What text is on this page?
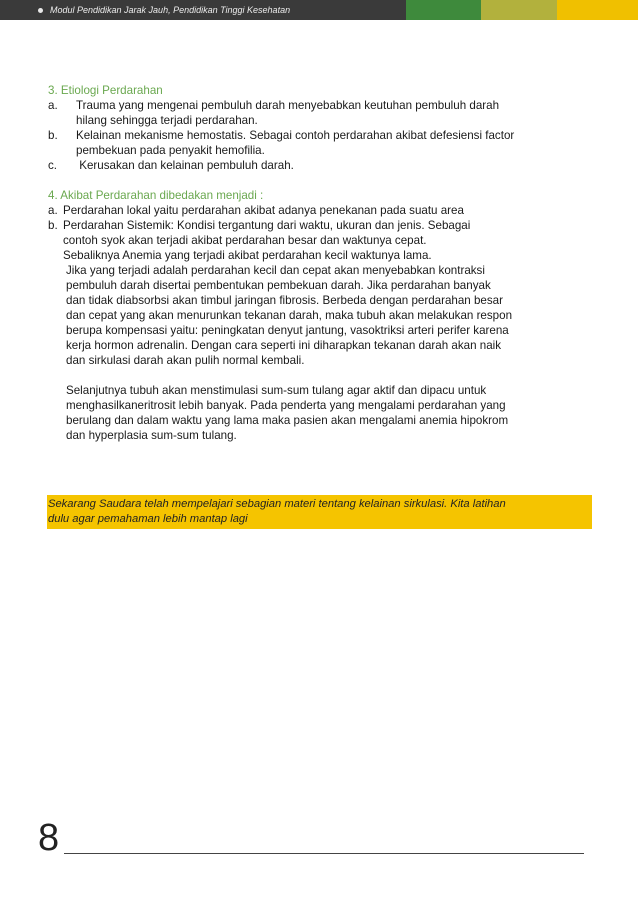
Modul Pendidikan Jarak Jauh, Pendidikan Tinggi Kesehatan
3. Etiologi Perdarahan
a.	Trauma yang mengenai pembuluh darah menyebabkan keutuhan pembuluh darah
hilang sehingga terjadi perdarahan.
b.	Kelainan mekanisme hemostatis. Sebagai contoh perdarahan akibat defesiensi factor
pembekuan pada penyakit hemofilia.
c.	Kerusakan dan kelainan pembuluh darah.
4. Akibat Perdarahan dibedakan menjadi :
a. Perdarahan lokal yaitu perdarahan akibat adanya penekanan pada suatu area
b. Perdarahan Sistemik: Kondisi tergantung dari waktu, ukuran dan jenis. Sebagai
contoh syok akan terjadi akibat perdarahan besar dan waktunya cepat.
Sebaliknya Anemia yang terjadi akibat perdarahan kecil waktunya lama.
Jika yang terjadi adalah perdarahan kecil dan cepat akan menyebabkan kontraksi
pembuluh darah disertai pembentukan pembekuan darah. Jika perdarahan banyak
dan tidak diabsorbsi akan timbul jaringan fibrosis. Berbeda dengan perdarahan besar
dan cepat yang akan menurunkan tekanan darah, maka tubuh akan melakukan respon
berupa kompensasi yaitu: peningkatan denyut jantung, vasoktriksi arteri perifer karena
kerja hormon adrenalin. Dengan cara seperti ini diharapkan tekanan darah akan naik
dan sirkulasi darah akan pulih normal kembali.
Selanjutnya tubuh akan menstimulasi sum-sum tulang agar aktif dan dipacu untuk
menghasilkaneritrosit lebih banyak. Pada penderta yang mengalami perdarahan yang
berulang dan dalam waktu yang lama maka pasien akan mengalami anemia hipokrom
dan hyperplasia sum-sum tulang.
Sekarang Saudara telah mempelajari sebagian materi tentang kelainan sirkulasi. Kita latihan
dulu agar pemahaman lebih mantap lagi
8
